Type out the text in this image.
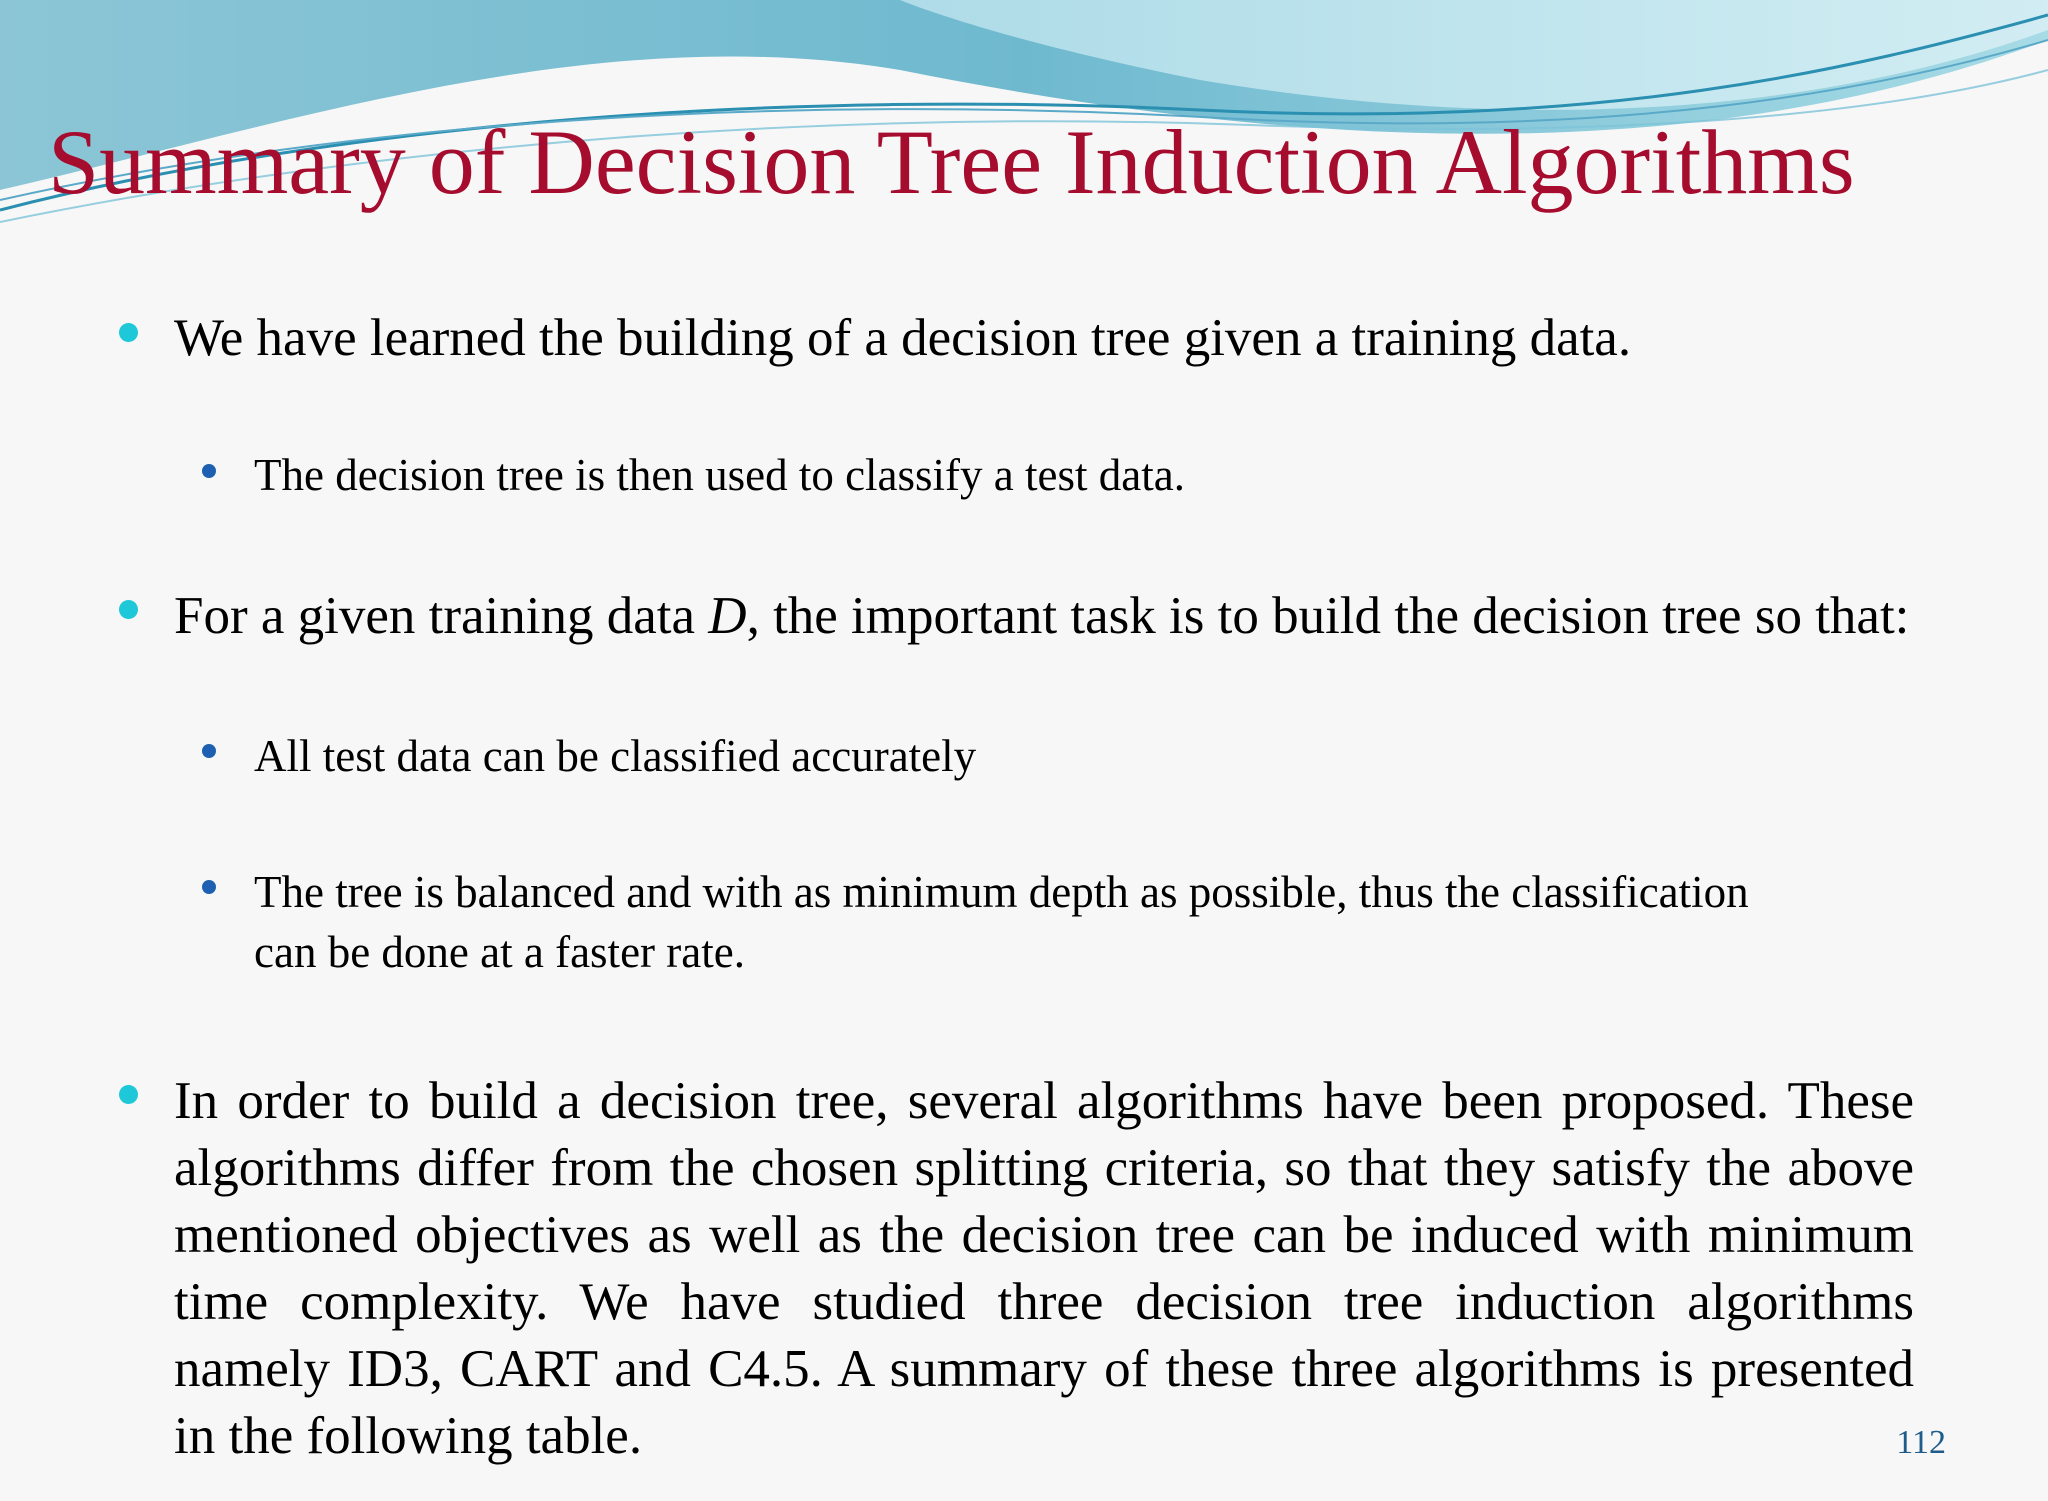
Summary of Decision Tree Induction Algorithms

We have learned the building of a decision tree given a training data.

The decision tree is then used to classify a test data.

For a given training data D, the important task is to build the decision tree so that:

All test data can be classified accurately

The tree is balanced and with as minimum depth as possible, thus the classification can be done at a faster rate.

In order to build a decision tree, several algorithms have been proposed. These algorithms differ from the chosen splitting criteria, so that they satisfy the above mentioned objectives as well as the decision tree can be induced with minimum time complexity. We have studied three decision tree induction algorithms namely ID3, CART and C4.5. A summary of these three algorithms is presented in the following table.	112
